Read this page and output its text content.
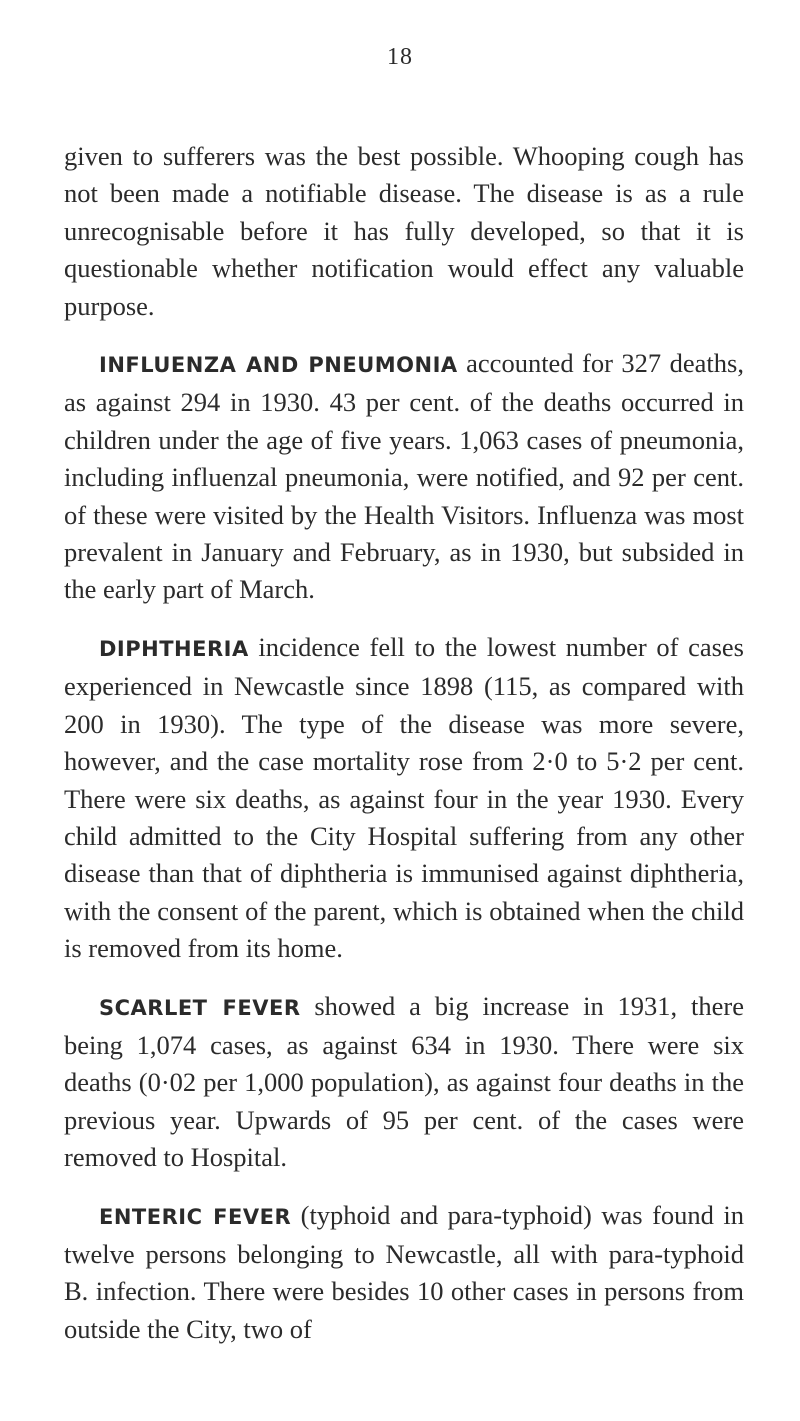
18

given to sufferers was the best possible. Whooping cough has not been made a notifiable disease. The disease is as a rule unrecognisable before it has fully developed, so that it is questionable whether notification would effect any valuable purpose.

INFLUENZA AND PNEUMONIA accounted for 327 deaths, as against 294 in 1930. 43 per cent. of the deaths occurred in children under the age of five years. 1,063 cases of pneumonia, including influenzal pneumonia, were notified, and 92 per cent. of these were visited by the Health Visitors. Influenza was most prevalent in January and February, as in 1930, but subsided in the early part of March.

DIPHTHERIA incidence fell to the lowest number of cases experienced in Newcastle since 1898 (115, as compared with 200 in 1930). The type of the disease was more severe, however, and the case mortality rose from 2·0 to 5·2 per cent. There were six deaths, as against four in the year 1930. Every child admitted to the City Hospital suffering from any other disease than that of diphtheria is immunised against diphtheria, with the consent of the parent, which is obtained when the child is removed from its home.

SCARLET FEVER showed a big increase in 1931, there being 1,074 cases, as against 634 in 1930. There were six deaths (0·02 per 1,000 population), as against four deaths in the previous year. Upwards of 95 per cent. of the cases were removed to Hospital.

ENTERIC FEVER (typhoid and para-typhoid) was found in twelve persons belonging to Newcastle, all with para-typhoid B. infection. There were besides 10 other cases in persons from outside the City, two of
